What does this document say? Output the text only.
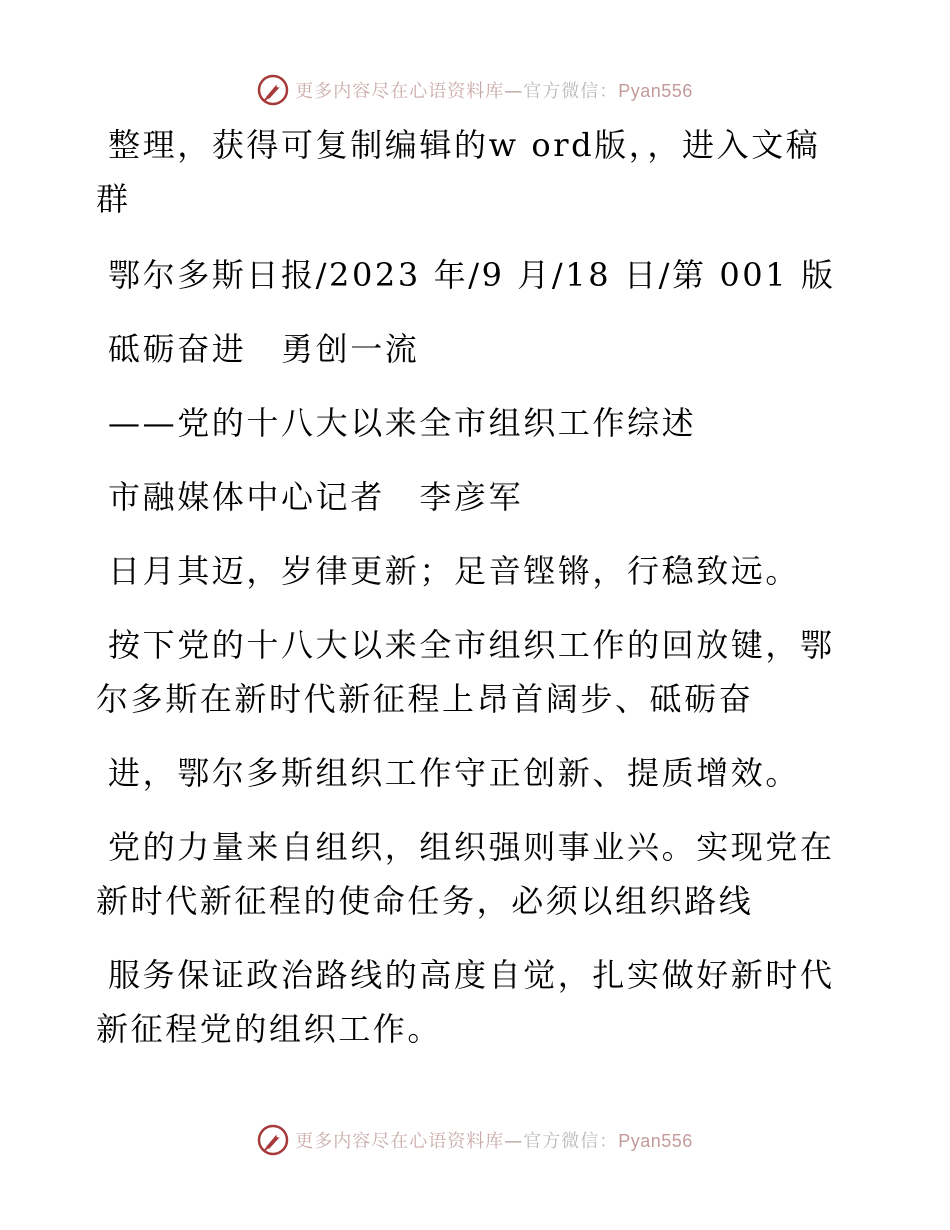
更多内容尽在心语资料库—官方微信：Pyan556

整理，获得可复制编辑的w ord版，，进入文稿群

鄂尔多斯日报/2023 年/9 月/18 日/第 001 版

砥砺奋进　勇创一流

——党的十八大以来全市组织工作综述

市融媒体中心记者　李彦军

日月其迈，岁律更新；足音铿锵，行稳致远。

按下党的十八大以来全市组织工作的回放键，鄂尔多斯在新时代新征程上昂首阔步、砥砺奋

进，鄂尔多斯组织工作守正创新、提质增效。

党的力量来自组织，组织强则事业兴。实现党在新时代新征程的使命任务，必须以组织路线

服务保证政治路线的高度自觉，扎实做好新时代新征程党的组织工作。

更多内容尽在心语资料库—官方微信：Pyan556
